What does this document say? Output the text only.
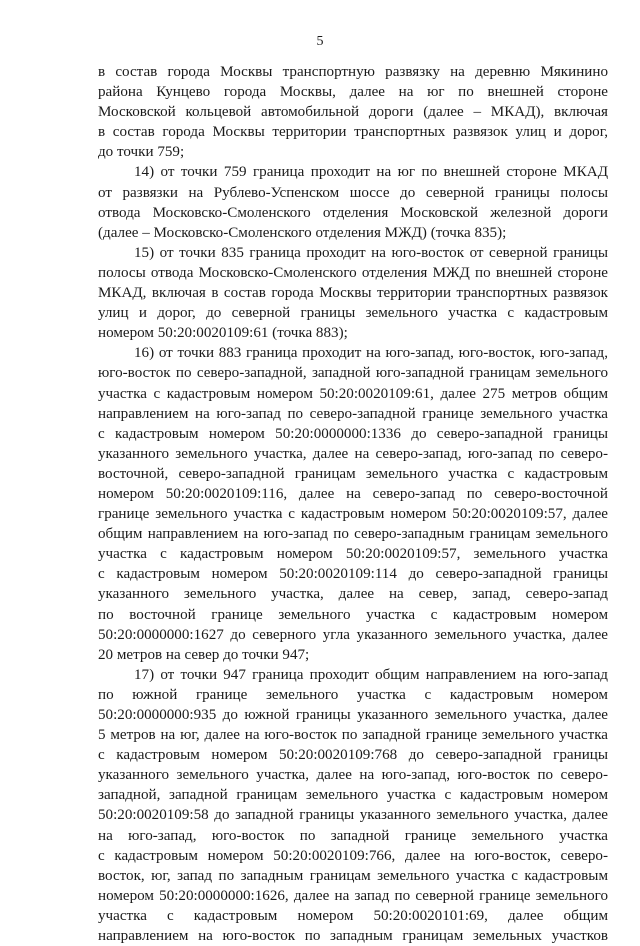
5
в состав города Москвы транспортную развязку на деревню Мякинино
района Кунцево города Москвы, далее на юг по внешней стороне
Московской кольцевой автомобильной дороги (далее – МКАД), включая
в состав города Москвы территории транспортных развязок улиц и дорог,
до точки 759;
14) от точки 759 граница проходит на юг по внешней стороне МКАД
от развязки на Рублево-Успенском шоссе до северной границы полосы
отвода Московско-Смоленского отделения Московской железной дороги
(далее – Московско-Смоленского отделения МЖД) (точка 835);
15) от точки 835 граница проходит на юго-восток от северной границы
полосы отвода Московско-Смоленского отделения МЖД по внешней стороне
МКАД, включая в состав города Москвы территории транспортных развязок
улиц и дорог, до северной границы земельного участка с кадастровым
номером 50:20:0020109:61 (точка 883);
16) от точки 883 граница проходит на юго-запад, юго-восток, юго-запад,
юго-восток по северо-западной, западной юго-западной границам земельного
участка с кадастровым номером 50:20:0020109:61, далее 275 метров общим
направлением на юго-запад по северо-западной границе земельного участка
с кадастровым номером 50:20:0000000:1336 до северо-западной границы
указанного земельного участка, далее на северо-запад, юго-запад по северо-
восточной, северо-западной границам земельного участка с кадастровым
номером 50:20:0020109:116, далее на северо-запад по северо-восточной
границе земельного участка с кадастровым номером 50:20:0020109:57, далее
общим направлением на юго-запад по северо-западным границам земельного
участка с кадастровым номером 50:20:0020109:57, земельного участка
с кадастровым номером 50:20:0020109:114 до северо-западной границы
указанного земельного участка, далее на север, запад, северо-запад
по восточной границе земельного участка с кадастровым номером
50:20:0000000:1627 до северного угла указанного земельного участка, далее
20 метров на север до точки 947;
17) от точки 947 граница проходит общим направлением на юго-запад
по южной границе земельного участка с кадастровым номером
50:20:0000000:935 до южной границы указанного земельного участка, далее
5 метров на юг, далее на юго-восток по западной границе земельного участка
с кадастровым номером 50:20:0020109:768 до северо-западной границы
указанного земельного участка, далее на юго-запад, юго-восток по северо-
западной, западной границам земельного участка с кадастровым номером
50:20:0020109:58 до западной границы указанного земельного участка, далее
на юго-запад, юго-восток по западной границе земельного участка
с кадастровым номером 50:20:0020109:766, далее на юго-восток, северо-
восток, юг, запад по западным границам земельного участка с кадастровым
номером 50:20:0000000:1626, далее на запад по северной границе земельного
участка с кадастровым номером 50:20:0020101:69, далее общим
направлением на юго-восток по западным границам земельных участков
